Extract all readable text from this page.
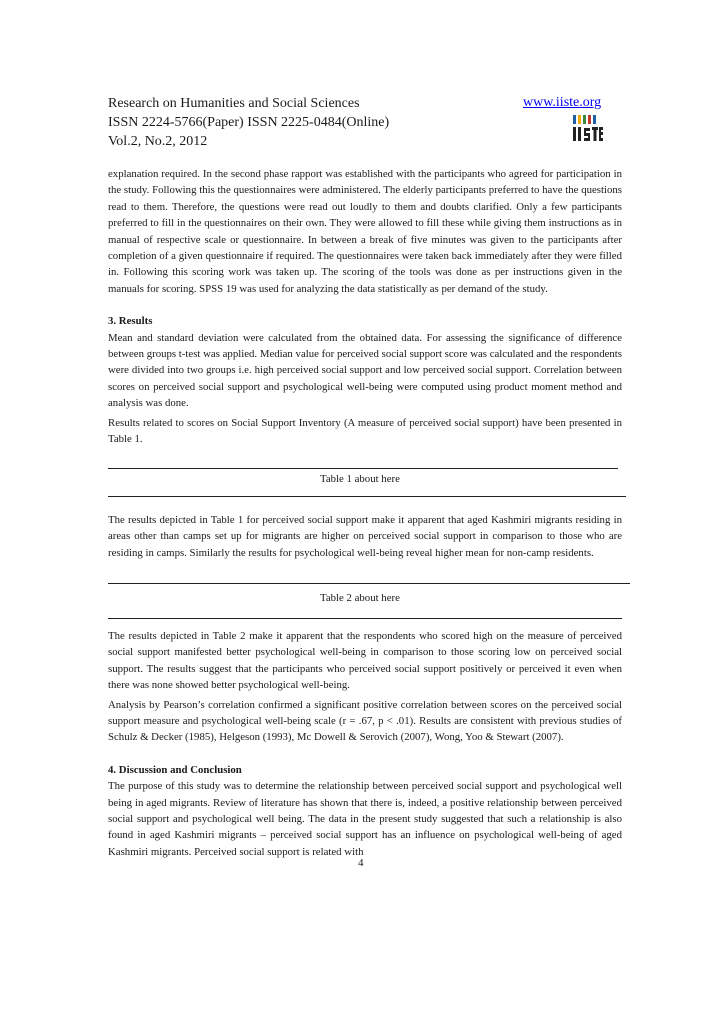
Research on Humanities and Social Sciences
ISSN 2224-5766(Paper) ISSN 2225-0484(Online)
Vol.2, No.2, 2012
www.iiste.org

explanation required. In the second phase rapport was established with the participants who agreed for participation in the study. Following this the questionnaires were administered. The elderly participants preferred to have the questions read to them. Therefore, the questions were read out loudly to them and doubts clarified. Only a few participants preferred to fill in the questionnaires on their own. They were allowed to fill these while giving them instructions as in manual of respective scale or questionnaire. In between a break of five minutes was given to the participants after completion of a given questionnaire if required. The questionnaires were taken back immediately after they were filled in. Following this scoring work was taken up. The scoring of the tools was done as per instructions given in the manuals for scoring. SPSS 19 was used for analyzing the data statistically as per demand of the study.

3. Results

Mean and standard deviation were calculated from the obtained data. For assessing the significance of difference between groups t-test was applied. Median value for perceived social support score was calculated and the respondents were divided into two groups i.e. high perceived social support and low perceived social support. Correlation between scores on perceived social support and psychological well-being were computed using product moment method and analysis was done.

Results related to scores on Social Support Inventory (A measure of perceived social support) have been presented in Table 1.

Table 1 about here

The results depicted in Table 1 for perceived social support make it apparent that aged Kashmiri migrants residing in areas other than camps set up for migrants are higher on perceived social support in comparison to those who are residing in camps. Similarly the results for psychological well-being reveal higher mean for non-camp residents.

Table 2 about here

The results depicted in Table 2 make it apparent that the respondents who scored high on the measure of perceived social support manifested better psychological well-being in comparison to those scoring low on perceived social support. The results suggest that the participants who perceived social support positively or perceived it even when there was none showed better psychological well-being.

Analysis by Pearson’s correlation confirmed a significant positive correlation between scores on the perceived social support measure and psychological well-being scale (r = .67, p < .01). Results are consistent with previous studies of Schulz & Decker (1985), Helgeson (1993), Mc Dowell & Serovich (2007), Wong, Yoo & Stewart (2007).

4. Discussion and Conclusion

The purpose of this study was to determine the relationship between perceived social support and psychological well being in aged migrants. Review of literature has shown that there is, indeed, a positive relationship between perceived social support and psychological well being. The data in the present study suggested that such a relationship is also found in aged Kashmiri migrants – perceived social support has an influence on psychological well-being of aged Kashmiri migrants. Perceived social support is related with

4
